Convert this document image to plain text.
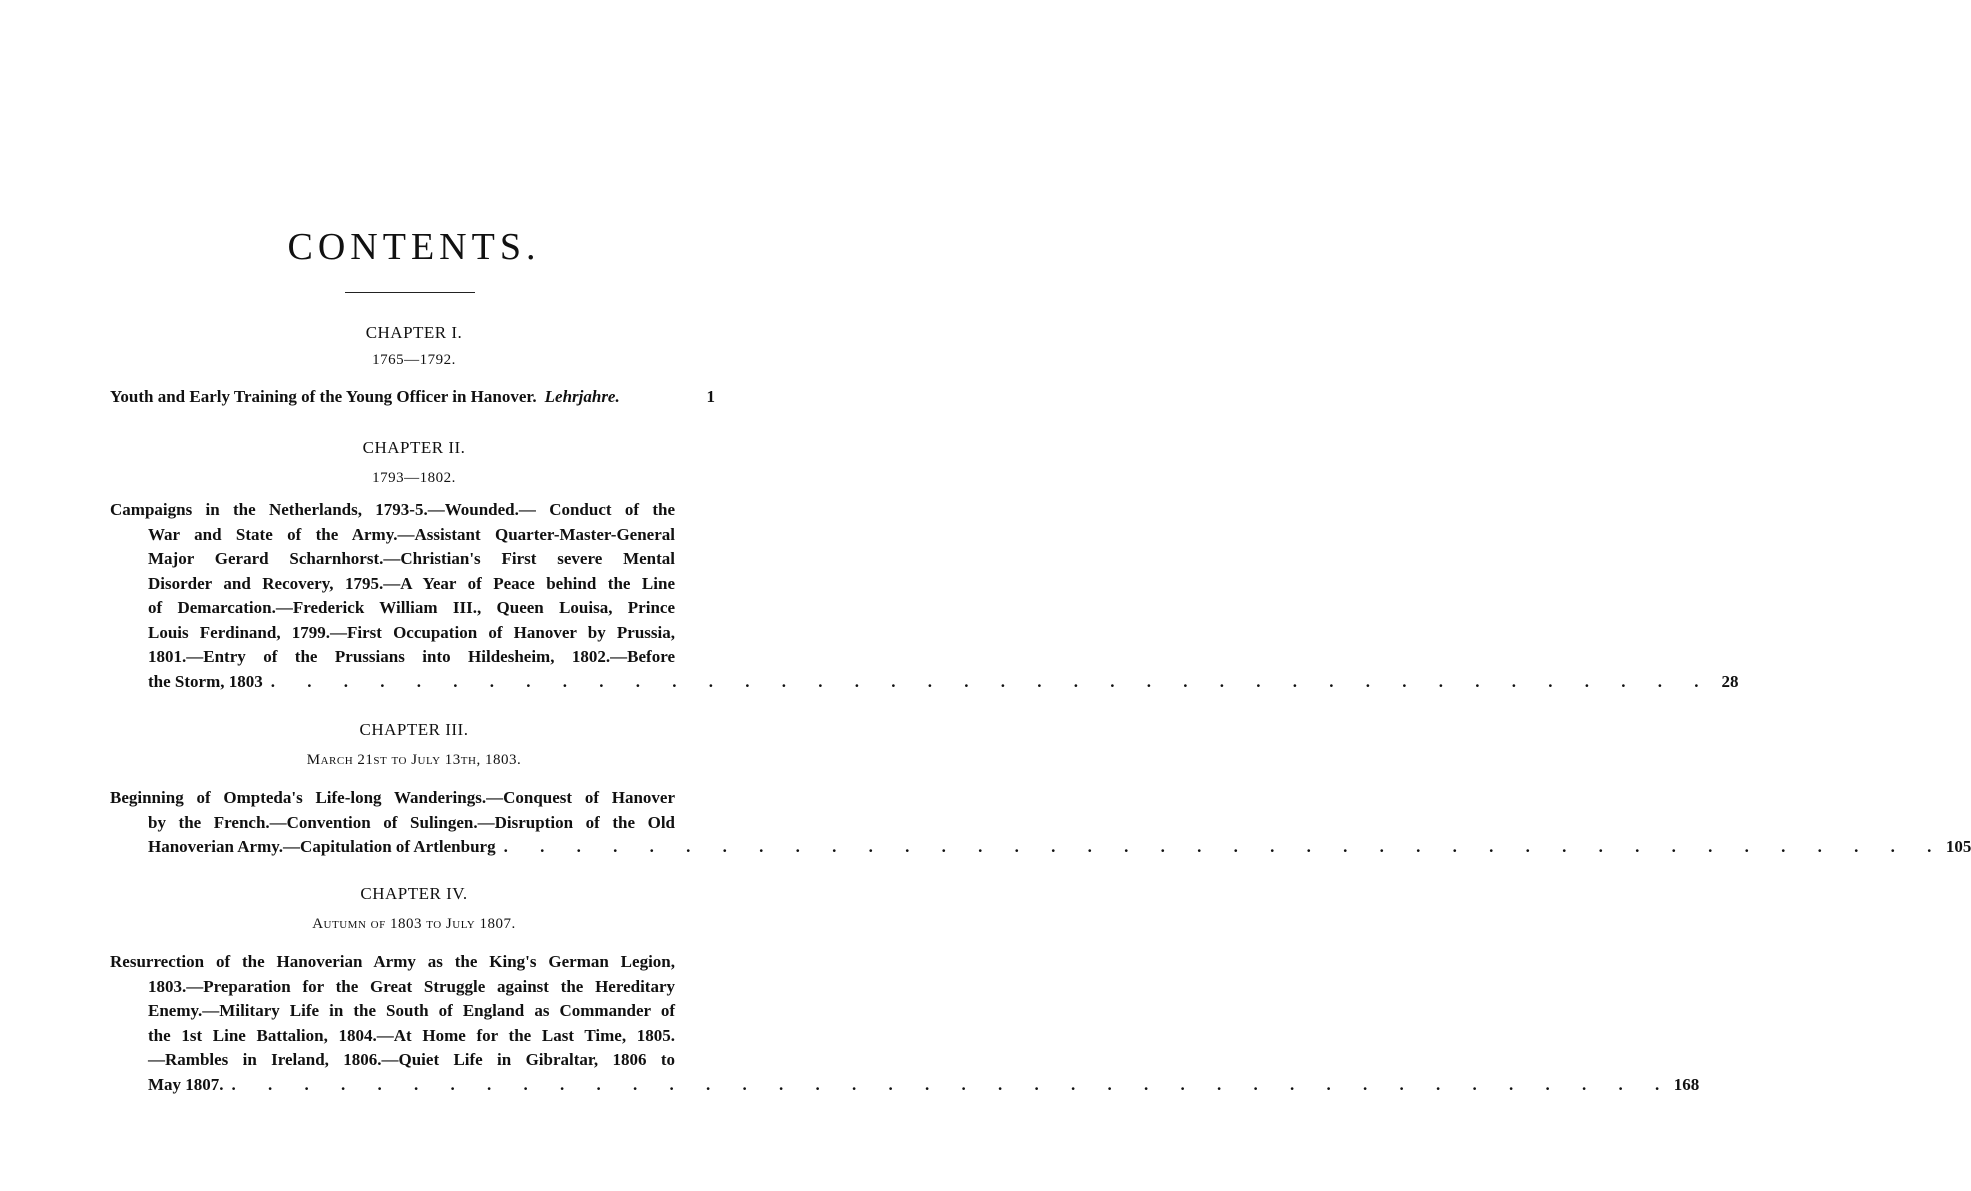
CONTENTS.
CHAPTER I.
1765—1792.
Youth and Early Training of the Young Officer in Hanover. Lehrjahre.	1
CHAPTER II.
1793—1802.
Campaigns in the Netherlands, 1793-5.—Wounded.— Conduct of the
War and State of the Army.—Assistant Quarter-Master-General
Major Gerard Scharnhorst.—Christian's First severe Mental
Disorder and Recovery, 1795.—A Year of Peace behind the Line
of Demarcation.—Frederick William III., Queen Louisa, Prince
Louis Ferdinand, 1799.—First Occupation of Hanover by Prussia,
1801.—Entry of the Prussians into Hildesheim, 1802.—Before
the Storm, 1803 . . . . . . . . . . . . . . . . . . . . . . . . . . . . . . . . . . . . . . . . 28
CHAPTER III.
March 21st to July 13th, 1803.
Beginning of Ompteda's Life-long Wanderings.—Conquest of Hanover
by the French.—Convention of Sulingen.—Disruption of the Old
Hanoverian Army.—Capitulation of Artlenburg . . . . . . . . . . . . . . . . . . . . . . . . . . . . . . . . . . . . . . . . 105
CHAPTER IV.
Autumn of 1803 to July 1807.
Resurrection of the Hanoverian Army as the King's German Legion,
1803.—Preparation for the Great Struggle against the Hereditary
Enemy.—Military Life in the South of England as Commander of
the 1st Line Battalion, 1804.—At Home for the Last Time, 1805.
—Rambles in Ireland, 1806.—Quiet Life in Gibraltar, 1806 to
May 1807. . . . . . . . . . . . . . . . . . . . . . . . . . . . . . . . . . . . . . . . . 168
